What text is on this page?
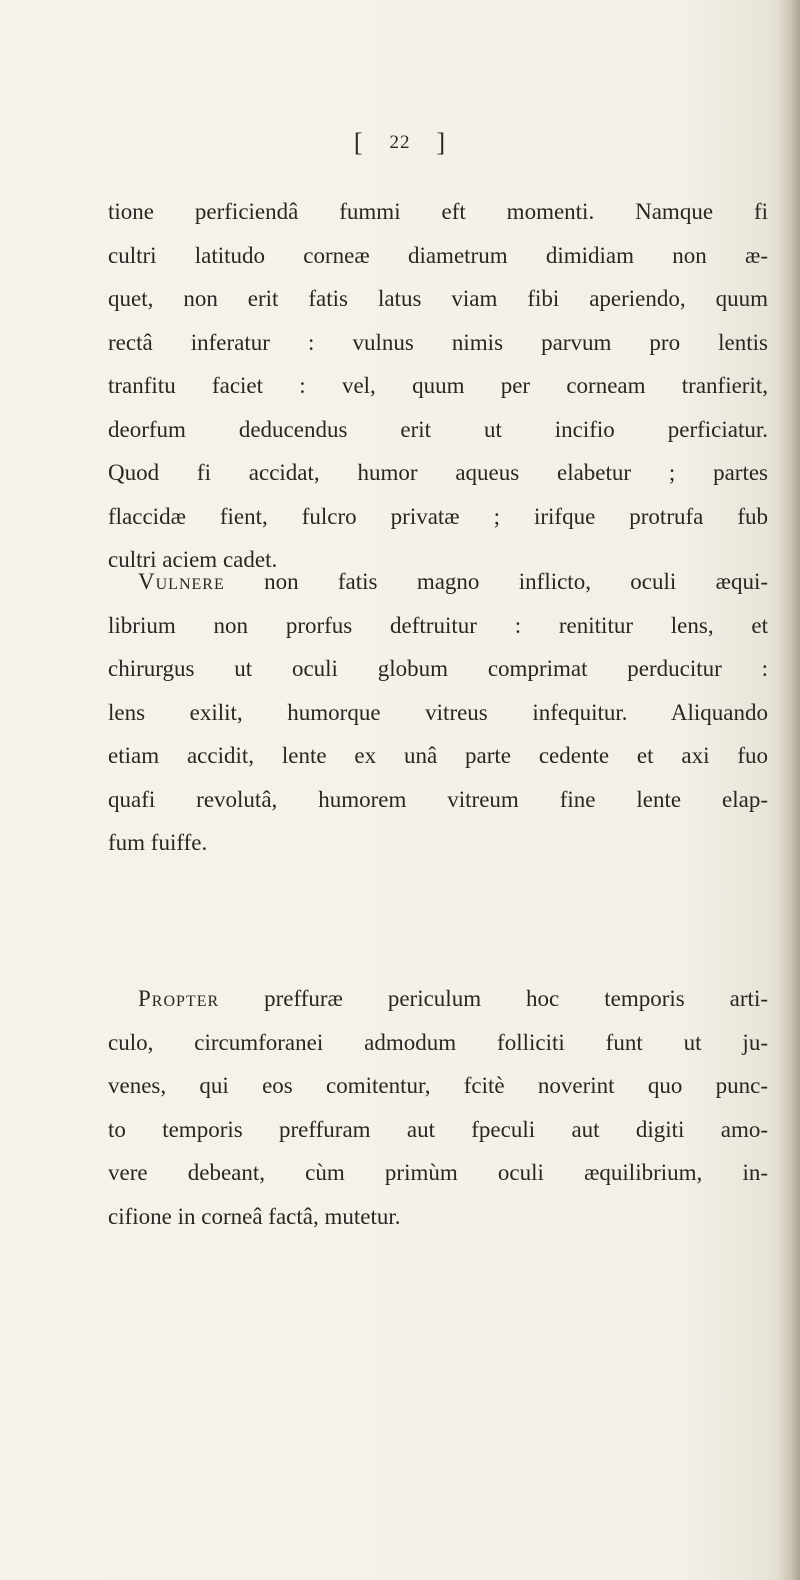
[ 22 ]
tione perficiendâ fummi eft momenti. Namque fi
cultri latitudo corneæ diametrum dimidiam non æ-
quet, non erit fatis latus viam fibi aperiendo, quum
rectâ inferatur : vulnus nimis parvum pro lentis
tranfitu faciet : vel, quum per corneam tranfierit,
deorfum deducendus erit ut incifio perficiatur.
Quod fi accidat, humor aqueus elabetur ; partes
flaccidæ fient, fulcro privatæ ; irifque protrufa fub
cultri aciem cadet.
Vulnere non fatis magno inflicto, oculi æqui-
librium non prorfus deftruitur : renititur lens, et
chirurgus ut oculi globum comprimat perducitur :
lens exilit, humorque vitreus infequitur. Aliquando
etiam accidit, lente ex unâ parte cedente et axi fuo
quafi revolutâ, humorem vitreum fine lente elap-
fum fuiffe.
Propter preffuræ periculum hoc temporis arti-
culo, circumforanei admodum folliciti funt ut ju-
venes, qui eos comitentur, fcitè noverint quo punc-
to temporis preffuram aut fpeculi aut digiti amo-
vere debeant, cùm primùm oculi æquilibrium, in-
cifione in corneâ factâ, mutetur.
